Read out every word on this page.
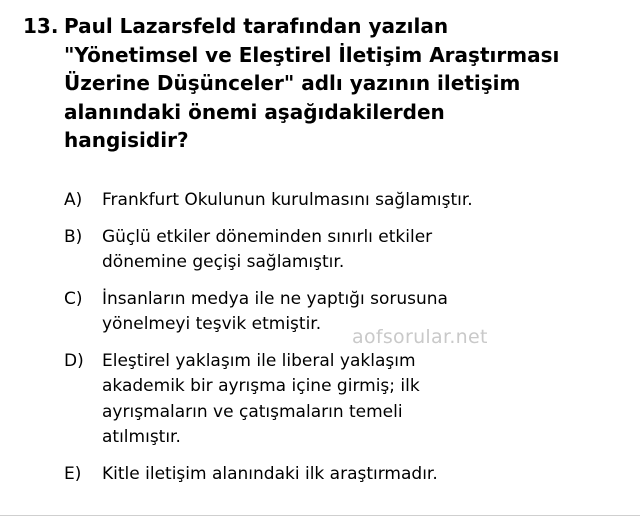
13. Paul Lazarsfeld tarafından yazılan
"Yönetimsel ve Eleştirel İletişim Araştırması
Üzerine Düşünceler" adlı yazının iletişim
alanındaki önemi aşağıdakilerden
hangisidir?
A)	Frankfurt Okulunun kurulmasını sağlamıştır.
B)	Güçlü etkiler döneminden sınırlı etkiler
dönemine geçişi sağlamıştır.
C)	İnsanların medya ile ne yaptığı sorusuna
yönelmeyi teşvik etmiştir.
D)	Eleştirel yaklaşım ile liberal yaklaşım
akademik bir ayrışma içine girmiş; ilk
ayrışmaların ve çatışmaların temeli
atılmıştır.
E)	Kitle iletişim alanındaki ilk araştırmadır.
aofsorular.net
